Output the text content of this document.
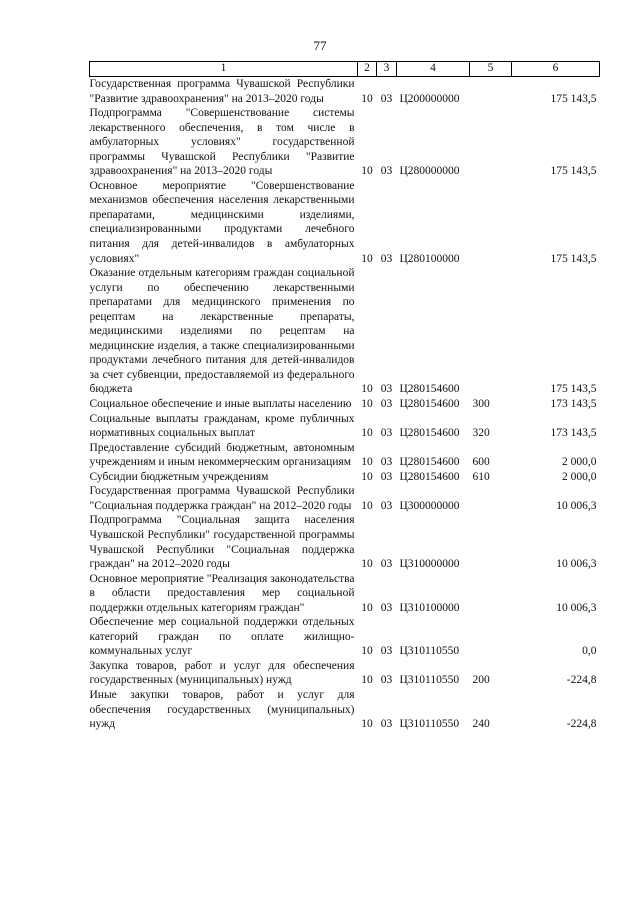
77
1	2	3	4	5	6
Государственная программа Чувашской Республики "Развитие здравоохранения" на 2013–2020 годы	10	03	Ц200000000		175 143,5
Подпрограмма "Совершенствование системы лекарственного обеспечения, в том числе в амбулаторных условиях" государственной программы Чувашской Республики "Развитие здравоохранения" на 2013–2020 годы	10	03	Ц280000000		175 143,5
Основное мероприятие "Совершенствование механизмов обеспечения населения лекарственными препаратами, медицинскими изделиями, специализированными продуктами лечебного питания для детей-инвалидов в амбулаторных условиях"	10	03	Ц280100000		175 143,5
Оказание отдельным категориям граждан социальной услуги по обеспечению лекарственными препаратами для медицинского применения по рецептам на лекарственные препараты, медицинскими изделиями по рецептам на медицинские изделия, а также специализированными продуктами лечебного питания для детей-инвалидов за счет субвенции, предоставляемой из федерального бюджета	10	03	Ц280154600		175 143,5
Социальное обеспечение и иные выплаты населению	10	03	Ц280154600	300	173 143,5
Социальные выплаты гражданам, кроме публичных нормативных социальных выплат	10	03	Ц280154600	320	173 143,5
Предоставление субсидий бюджетным, автономным учреждениям и иным некоммерческим организациям	10	03	Ц280154600	600	2 000,0
Субсидии бюджетным учреждениям	10	03	Ц280154600	610	2 000,0
Государственная программа Чувашской Республики "Социальная поддержка граждан" на 2012–2020 годы	10	03	Ц300000000		10 006,3
Подпрограмма "Социальная защита населения Чувашской Республики" государственной программы Чувашской Республики "Социальная поддержка граждан" на 2012–2020 годы	10	03	Ц310000000		10 006,3
Основное мероприятие "Реализация законодательства в области предоставления мер социальной поддержки отдельных категориям граждан"	10	03	Ц310100000		10 006,3
Обеспечение мер социальной поддержки отдельных категорий граждан по оплате жилищно-коммунальных услуг	10	03	Ц310110550		0,0
Закупка товаров, работ и услуг для обеспечения государственных (муниципальных) нужд	10	03	Ц310110550	200	-224,8
Иные закупки товаров, работ и услуг для обеспечения государственных (муниципальных) нужд	10	03	Ц310110550	240	-224,8
